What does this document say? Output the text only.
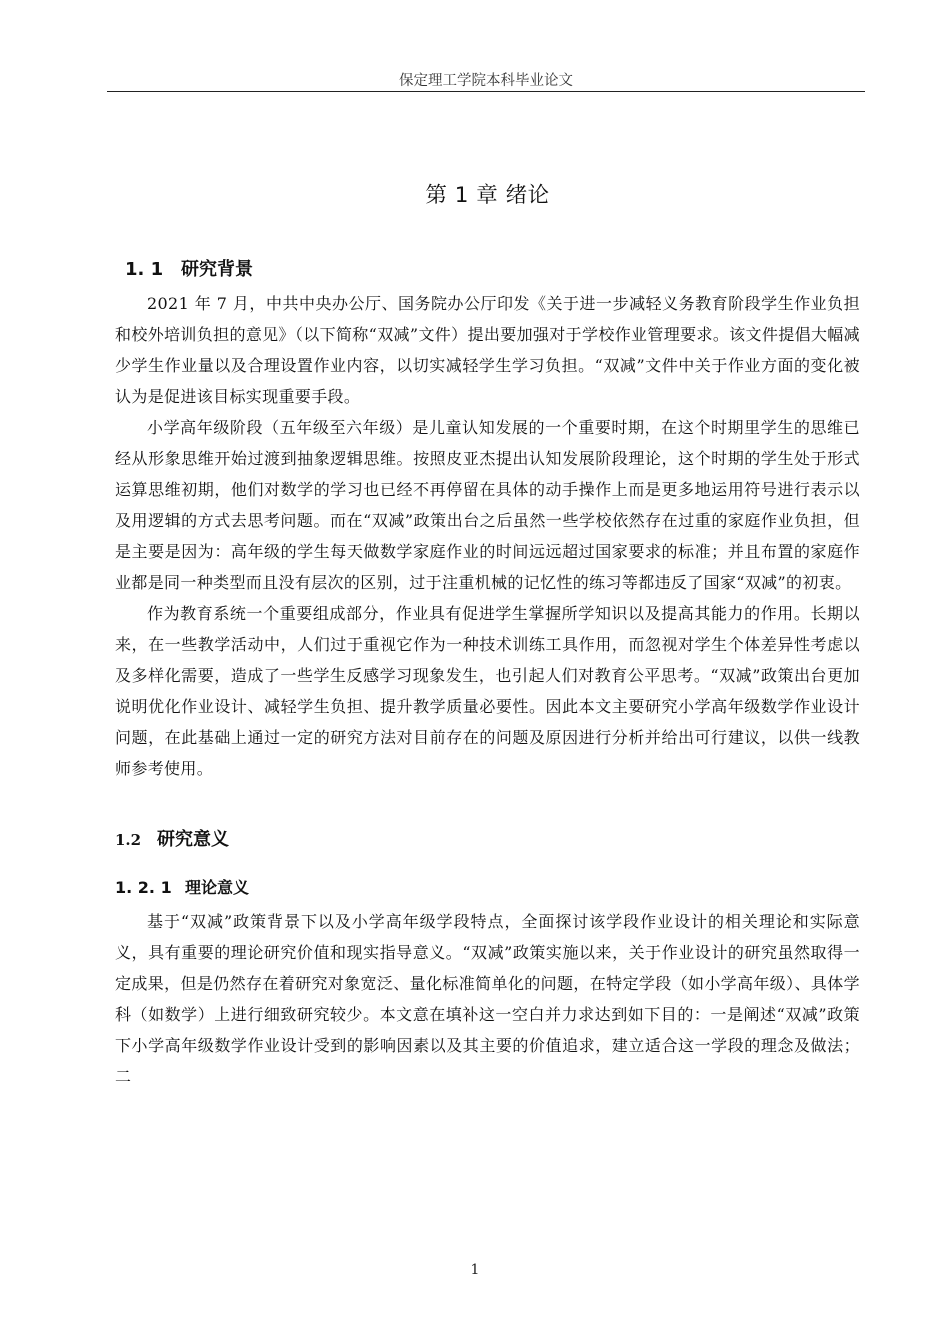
保定理工学院本科毕业论文
第 1 章 绪论
1. 1 研究背景

2021 年 7 月，中共中央办公厅、国务院办公厅印发《关于进一步减轻义务教育阶段学生作业负担和校外培训负担的意见》（以下简称“双减”文件）提出要加强对于学校作业管理要求。该文件提倡大幅减少学生作业量以及合理设置作业内容，以切实减轻学生学习负担。“双减”文件中关于作业方面的变化被认为是促进该目标实现重要手段。

小学高年级阶段（五年级至六年级）是儿童认知发展的一个重要时期，在这个时期里学生的思维已经从形象思维开始过渡到抽象逻辑思维。按照皮亚杰提出认知发展阶段理论，这个时期的学生处于形式运算思维初期，他们对数学的学习也已经不再停留在具体的动手操作上而是更多地运用符号进行表示以及用逻辑的方式去思考问题。而在“双减”政策出台之后虽然一些学校依然存在过重的家庭作业负担，但是主要是因为：高年级的学生每天做数学家庭作业的时间远远超过国家要求的标准；并且布置的家庭作业都是同一种类型而且没有层次的区别，过于注重机械的记忆性的练习等都违反了国家“双减”的初衷。

作为教育系统一个重要组成部分，作业具有促进学生掌握所学知识以及提高其能力的作用。长期以来，在一些教学活动中，人们过于重视它作为一种技术训练工具作用，而忽视对学生个体差异性考虑以及多样化需要，造成了一些学生反感学习现象发生，也引起人们对教育公平思考。“双减”政策出台更加说明优化作业设计、减轻学生负担、提升教学质量必要性。因此本文主要研究小学高年级数学作业设计问题，在此基础上通过一定的研究方法对目前存在的问题及原因进行分析并给出可行建议，以供一线教师参考使用。

1.2 研究意义
1. 2. 1 理论意义

基于“双减”政策背景下以及小学高年级学段特点，全面探讨该学段作业设计的相关理论和实际意义，具有重要的理论研究价值和现实指导意义。“双减”政策实施以来，关于作业设计的研究虽然取得一定成果，但是仍然存在着研究对象宽泛、量化标准简单化的问题，在特定学段（如小学高年级）、具体学科（如数学）上进行细致研究较少。本文意在填补这一空白并力求达到如下目的：一是阐述“双减”政策下小学高年级数学作业设计受到的影响因素以及其主要的价值追求，建立适合这一学段的理念及做法；二

1
